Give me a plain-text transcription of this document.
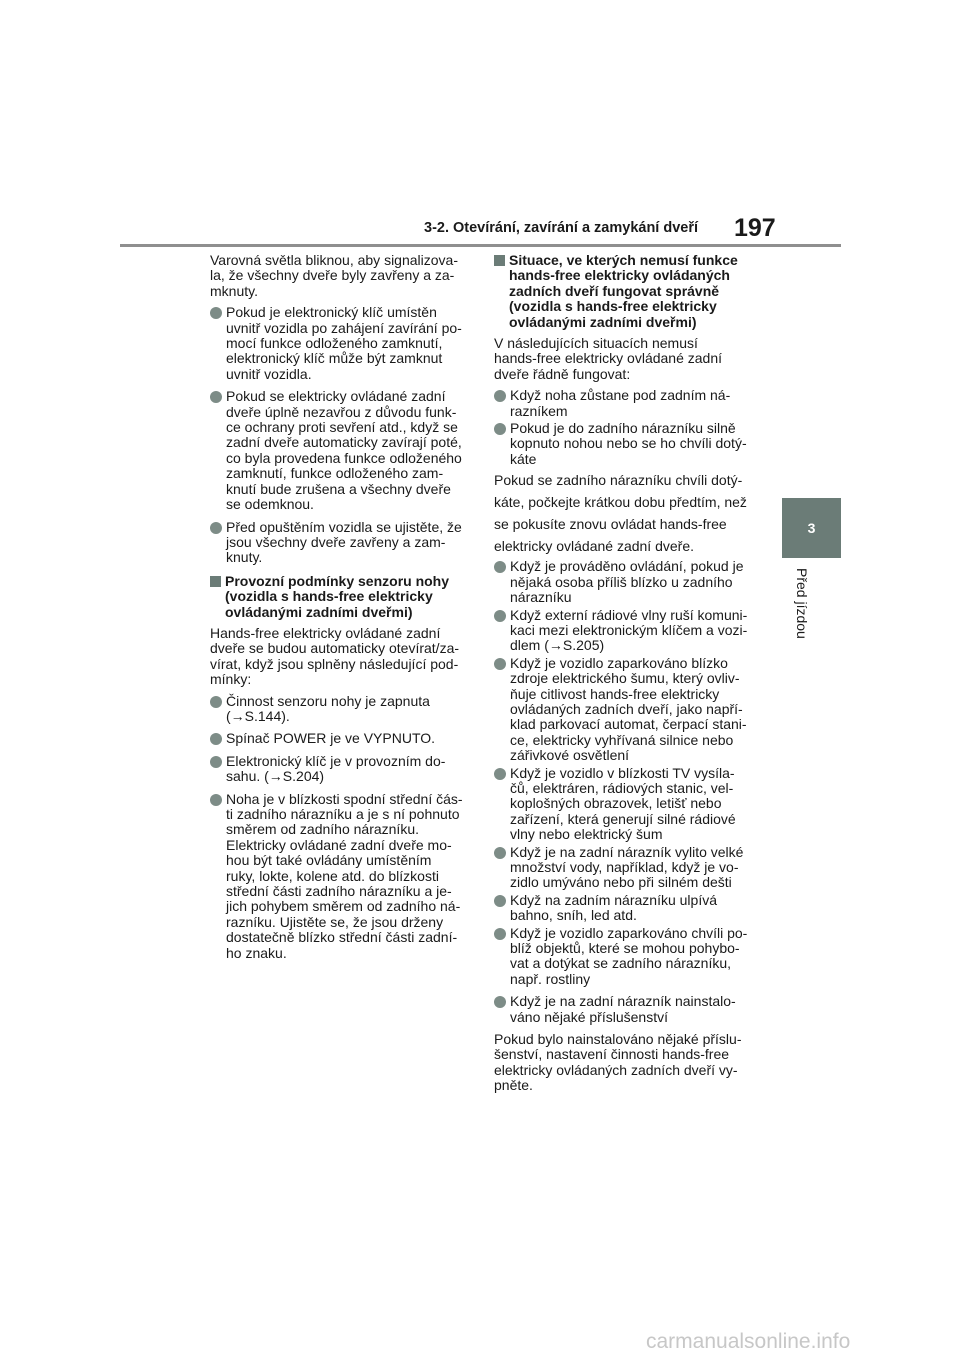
3-2. Otevírání, zavírání a zamykání dveří 197
3
Před jízdou
Varovná světla bliknou, aby signalizova-
la, že všechny dveře byly zavřeny a za-
mknuty.
Pokud je elektronický klíč umístěn
uvnitř vozidla po zahájení zavírání po-
mocí funkce odloženého zamknutí,
elektronický klíč může být zamknut
uvnitř vozidla.
Pokud se elektricky ovládané zadní
dveře úplně nezavřou z důvodu funk-
ce ochrany proti sevření atd., když se
zadní dveře automaticky zavírají poté,
co byla provedena funkce odloženého
zamknutí, funkce odloženého zam-
knutí bude zrušena a všechny dveře
se odemknou.
Před opuštěním vozidla se ujistěte, že
jsou všechny dveře zavřeny a zam-
knuty.
Provozní podmínky senzoru nohy
(vozidla s hands-free elektricky
ovládanými zadními dveřmi)
Hands-free elektricky ovládané zadní
dveře se budou automaticky otevírat/za-
vírat, když jsou splněny následující pod-
mínky:
Činnost senzoru nohy je zapnuta
(→S.144).
Spínač POWER je ve VYPNUTO.
Elektronický klíč je v provozním do-
sahu. (→S.204)
Noha je v blízkosti spodní střední čás-
ti zadního nárazníku a je s ní pohnuto
směrem od zadního nárazníku.
Elektricky ovládané zadní dveře mo-
hou být také ovládány umístěním
ruky, lokte, kolene atd. do blízkosti
střední části zadního nárazníku a je-
jich pohybem směrem od zadního ná-
razníku. Ujistěte se, že jsou drženy
dostatečně blízko střední části zadní-
ho znaku.
Situace, ve kterých nemusí funkce
hands-free elektricky ovládaných
zadních dveří fungovat správně
(vozidla s hands-free elektricky
ovládanými zadními dveřmi)
V následujících situacích nemusí
hands-free elektricky ovládané zadní
dveře řádně fungovat:
Když noha zůstane pod zadním ná-
razníkem
Pokud je do zadního nárazníku silně
kopnuto nohou nebo se ho chvíli dotý-
káte
Pokud se zadního nárazníku chvíli dotý-
káte, počkejte krátkou dobu předtím, než
se pokusíte znovu ovládat hands-free
elektricky ovládané zadní dveře.
Když je prováděno ovládání, pokud je
nějaká osoba příliš blízko u zadního
nárazníku
Když externí rádiové vlny ruší komuni-
kaci mezi elektronickým klíčem a vozi-
dlem (→S.205)
Když je vozidlo zaparkováno blízko
zdroje elektrického šumu, který ovliv-
ňuje citlivost hands-free elektricky
ovládaných zadních dveří, jako napří-
klad parkovací automat, čerpací stani-
ce, elektricky vyhřívaná silnice nebo
zářivkové osvětlení
Když je vozidlo v blízkosti TV vysíla-
čů, elektráren, rádiových stanic, vel-
koplošných obrazovek, letišť nebo
zařízení, která generují silné rádiové
vlny nebo elektrický šum
Když je na zadní nárazník vylito velké
množství vody, například, když je vo-
zidlo umýváno nebo při silném dešti
Když na zadním nárazníku ulpívá
bahno, sníh, led atd.
Když je vozidlo zaparkováno chvíli po-
blíž objektů, které se mohou pohybo-
vat a dotýkat se zadního nárazníku,
např. rostliny
Když je na zadní nárazník nainstalo-
váno nějaké příslušenství
Pokud bylo nainstalováno nějaké příslu-
šenství, nastavení činnosti hands-free
elektricky ovládaných zadních dveří vy-
pněte.
carmanualsonline.info
